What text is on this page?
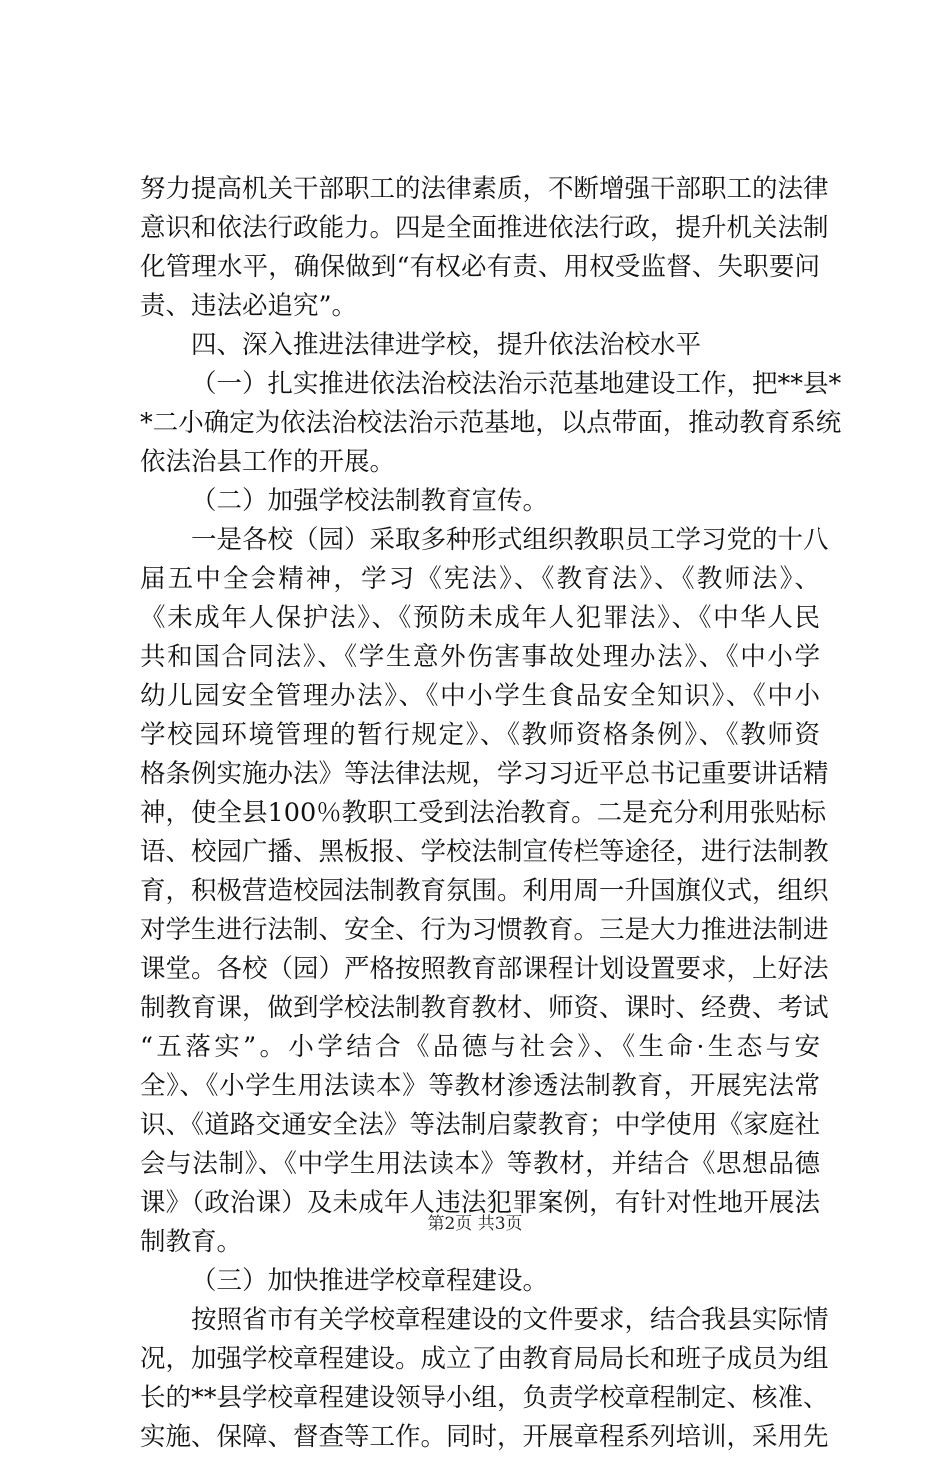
努力提高机关干部职工的法律素质，不断增强干部职工的法律
意识和依法行政能力。四是全面推进依法行政，提升机关法制
化管理水平，确保做到“有权必有责、用权受监督、失职要问
责、违法必追究”。
四、深入推进法律进学校，提升依法治校水平
（一）扎实推进依法治校法治示范基地建设工作，把**县*
*二小确定为依法治校法治示范基地，以点带面，推动教育系统
依法治县工作的开展。
（二）加强学校法制教育宣传。
一是各校（园）采取多种形式组织教职员工学习党的十八
届五中全会精神，学习《宪法》、《教育法》、《教师法》、
《未成年人保护法》、《预防未成年人犯罪法》、《中华人民
共和国合同法》、《学生意外伤害事故处理办法》、《中小学
幼儿园安全管理办法》、《中小学生食品安全知识》、《中小
学校园环境管理的暂行规定》、《教师资格条例》、《教师资
格条例实施办法》等法律法规，学习习近平总书记重要讲话精
神，使全县100％教职工受到法治教育。二是充分利用张贴标
语、校园广播、黑板报、学校法制宣传栏等途径，进行法制教
育，积极营造校园法制教育氛围。利用周一升国旗仪式，组织
对学生进行法制、安全、行为习惯教育。三是大力推进法制进
课堂。各校（园）严格按照教育部课程计划设置要求，上好法
制教育课，做到学校法制教育教材、师资、课时、经费、考试
“五落实”。小学结合《品德与社会》、《生命·生态与安
全》、《小学生用法读本》等教材渗透法制教育，开展宪法常
识、《道路交通安全法》等法制启蒙教育；中学使用《家庭社
会与法制》、《中学生用法读本》等教材，并结合《思想品德
课》（政治课）及未成年人违法犯罪案例，有针对性地开展法
制教育。
（三）加快推进学校章程建设。
按照省市有关学校章程建设的文件要求，结合我县实际情
况，加强学校章程建设。成立了由教育局局长和班子成员为组
长的**县学校章程建设领导小组，负责学校章程制定、核准、
实施、保障、督查等工作。同时，开展章程系列培训，采用先
第2页 共3页
